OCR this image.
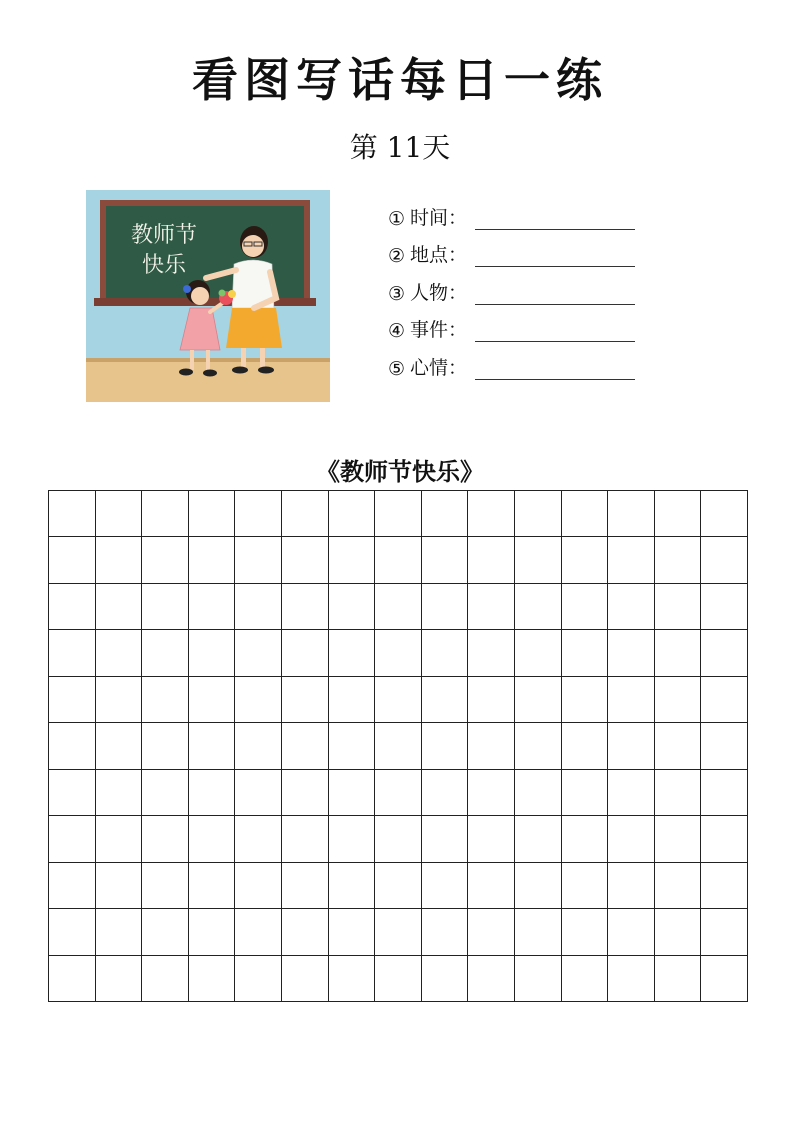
看图写话每日一练
第 11天
教师节
快乐
① 时间：
② 地点：
③ 人物：
④ 事件：
⑤ 心情：
《教师节快乐》
